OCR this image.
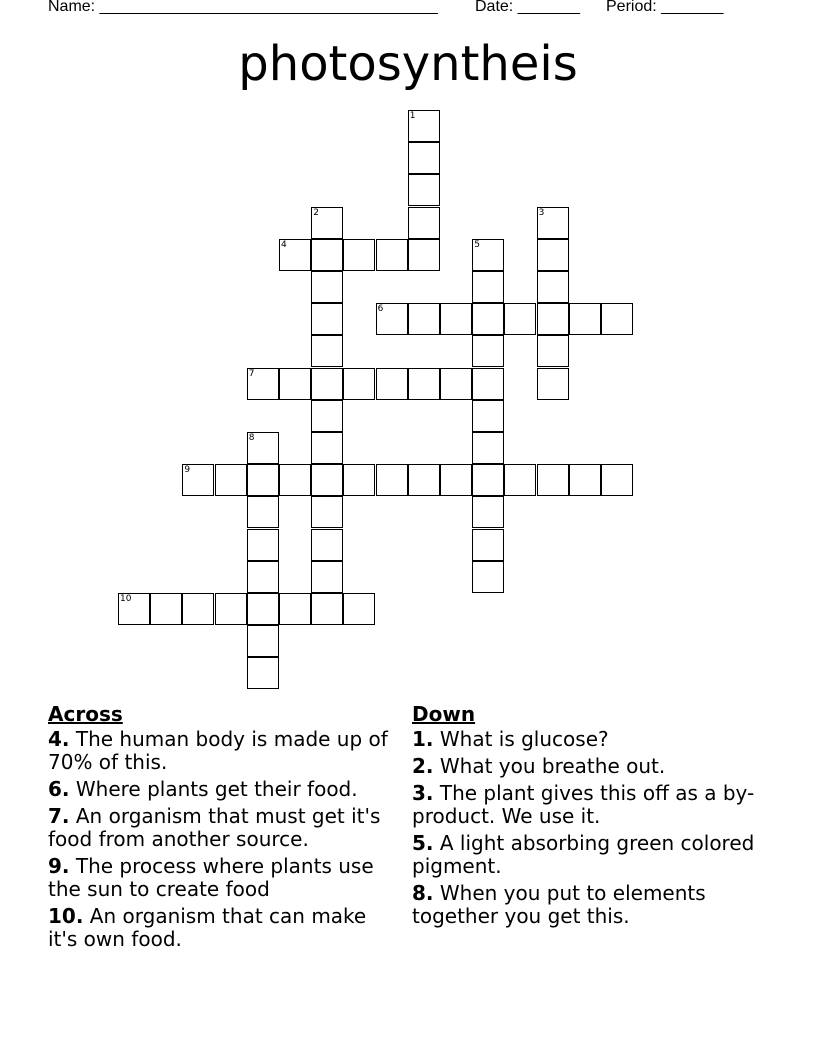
Name: ______________________________________ Date: _______ Period: _______
photosyntheis
1
2	3
4	5
6
7
8
9
10
Across
4. The human body is made up of 70% of this.
6. Where plants get their food.
7. An organism that must get it's food from another source.
9. The process where plants use the sun to create food
10. An organism that can make it's own food.
Down
1. What is glucose?
2. What you breathe out.
3. The plant gives this off as a by-product. We use it.
5. A light absorbing green colored pigment.
8. When you put to elements together you get this.
